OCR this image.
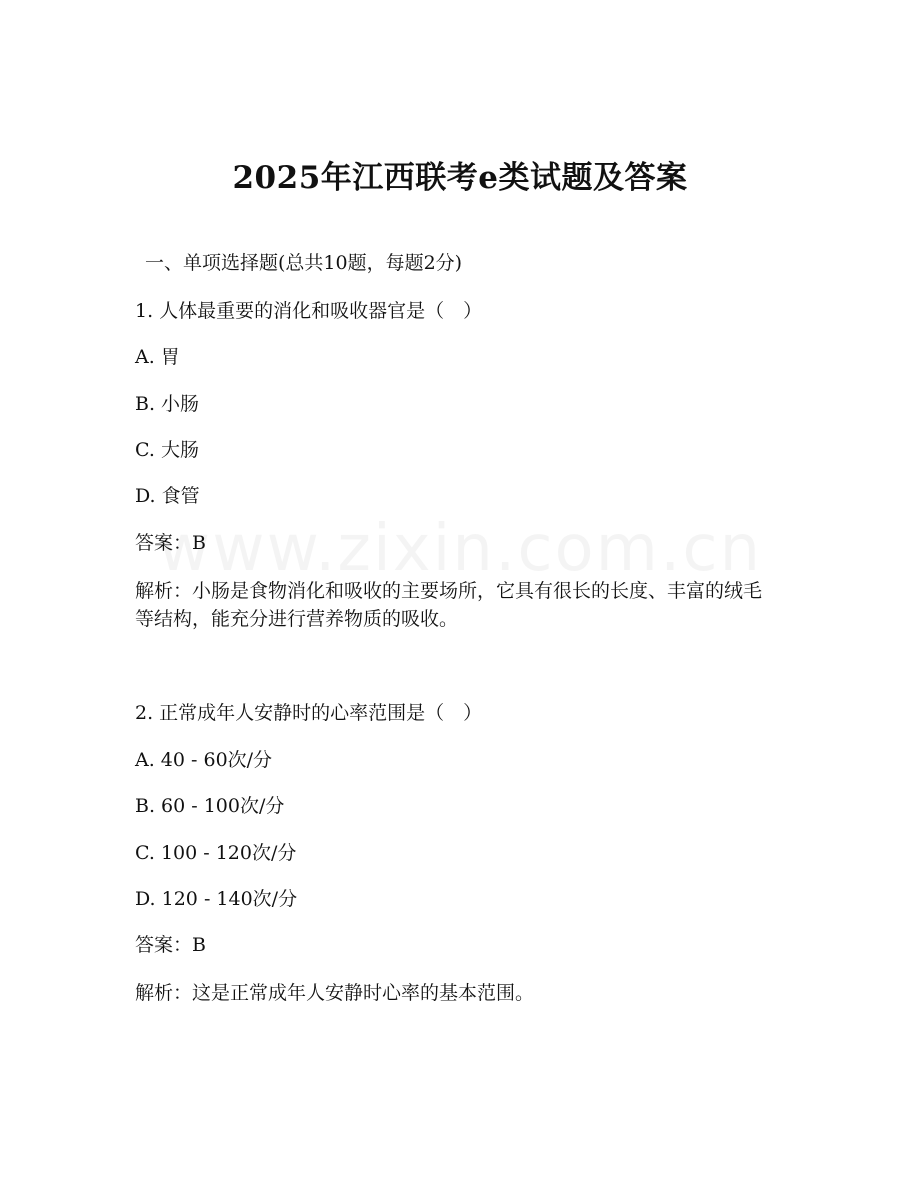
2025年江西联考e类试题及答案
一、单项选择题(总共10题，每题2分)
1. 人体最重要的消化和吸收器官是（　）
A. 胃
B. 小肠
C. 大肠
D. 食管
答案：B
解析：小肠是食物消化和吸收的主要场所，它具有很长的长度、丰富的绒毛等结构，能充分进行营养物质的吸收。
2. 正常成年人安静时的心率范围是（　）
A. 40 - 60次/分
B. 60 - 100次/分
C. 100 - 120次/分
D. 120 - 140次/分
答案：B
解析：这是正常成年人安静时心率的基本范围。
